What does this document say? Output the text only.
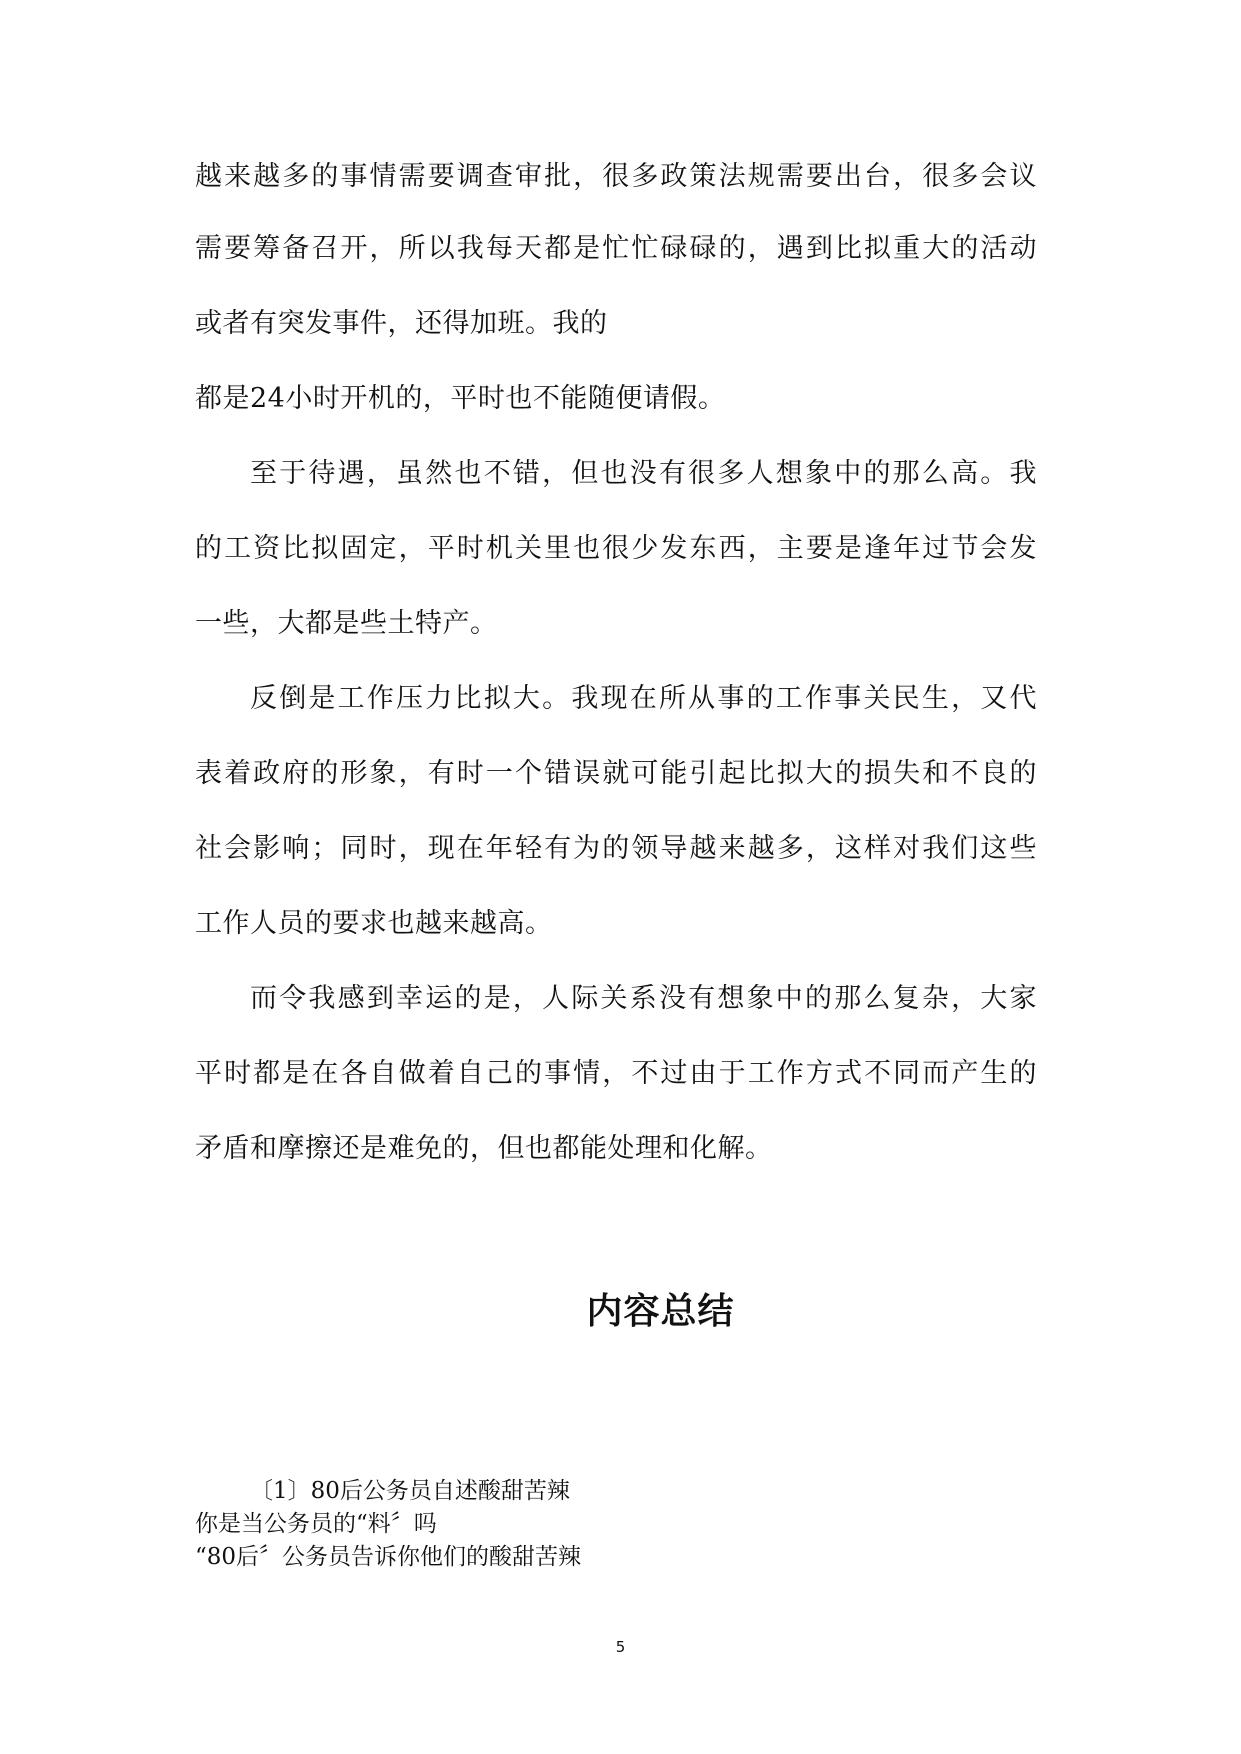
越来越多的事情需要调查审批，很多政策法规需要出台，很多会议
需要筹备召开，所以我每天都是忙忙碌碌的，遇到比拟重大的活动
或者有突发事件，还得加班。我的
都是24小时开机的，平时也不能随便请假。
至于待遇，虽然也不错，但也没有很多人想象中的那么高。我
的工资比拟固定，平时机关里也很少发东西，主要是逢年过节会发
一些，大都是些土特产。
反倒是工作压力比拟大。我现在所从事的工作事关民生，又代
表着政府的形象，有时一个错误就可能引起比拟大的损失和不良的
社会影响；同时，现在年轻有为的领导越来越多，这样对我们这些
工作人员的要求也越来越高。
而令我感到幸运的是，人际关系没有想象中的那么复杂，大家
平时都是在各自做着自己的事情，不过由于工作方式不同而产生的
矛盾和摩擦还是难免的，但也都能处理和化解。
内容总结
〔1〕80后公务员自述酸甜苦辣
你是当公务员的“料〞吗
“80后〞公务员告诉你他们的酸甜苦辣
5
